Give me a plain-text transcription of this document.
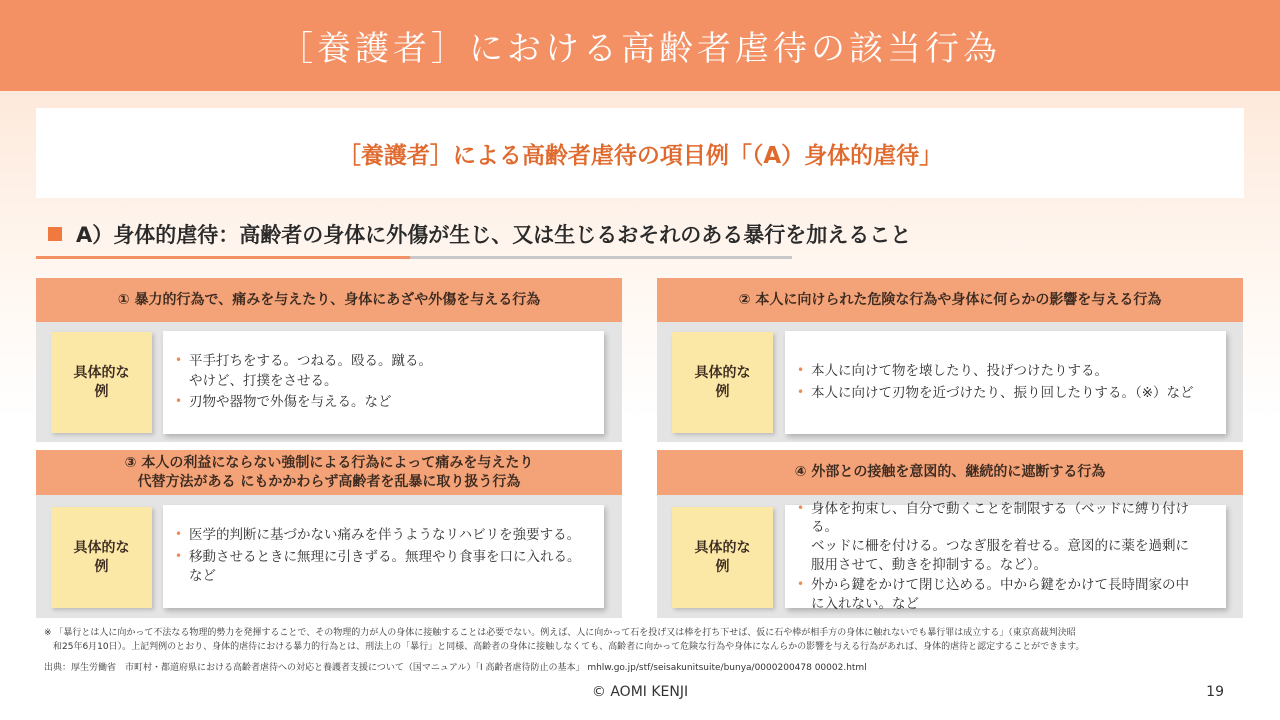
［養護者］における高齢者虐待の該当行為
［養護者］による高齢者虐待の項目例「（A）身体的虐待」
A）身体的虐待：高齢者の身体に外傷が生じ、又は生じるおそれのある暴行を加えること
① 暴力的行為で、痛みを与えたり、身体にあざや外傷を与える行為
具体的な
例
• 平手打ちをする。つねる。殴る。蹴る。
やけど、打撲をさせる。
• 刃物や器物で外傷を与える。など
② 本人に向けられた危険な行為や身体に何らかの影響を与える行為
具体的な
例
• 本人に向けて物を壊したり、投げつけたりする。
• 本人に向けて刃物を近づけたり、振り回したりする。（※）など
③ 本人の利益にならない強制による行為によって痛みを与えたり
代替方法がある にもかかわらず高齢者を乱暴に取り扱う行為
具体的な
例
• 医学的判断に基づかない痛みを伴うようなリハビリを強要する。
• 移動させるときに無理に引きずる。無理やり食事を口に入れる。
など
④ 外部との接触を意図的、継続的に遮断する行為
具体的な
例
• 身体を拘束し、自分で動くことを制限する（ベッドに縛り付ける。
ベッドに柵を付ける。つなぎ服を着せる。意図的に薬を過剰に
服用させて、動きを抑制する。など）。
• 外から鍵をかけて閉じ込める。中から鍵をかけて長時間家の中
に入れない。など
※ 「暴行とは人に向かって不法なる物理的勢力を発揮することで、その物理的力が人の身体に接触することは必要でない。例えば、人に向かって石を投げ又は棒を打ち下せば、仮に石や棒が相手方の身体に触れないでも暴行罪は成立する」（東京高裁判決昭
　和25年6月10日）。上記判例のとおり、身体的虐待における暴力的行為とは、刑法上の「暴行」と同様、高齢者の身体に接触しなくても、高齢者に向かって危険な行為や身体になんらかの影響を与える行為があれば、身体的虐待と認定することができます。
出典：厚生労働省　市町村・都道府県における高齢者虐待への対応と養護者支援について（国マニュアル）「Ⅰ 高齢者虐待防止の基本」 mhlw.go.jp/stf/seisakunitsuite/bunya/0000200478 00002.html
© AOMI KENJI	19
